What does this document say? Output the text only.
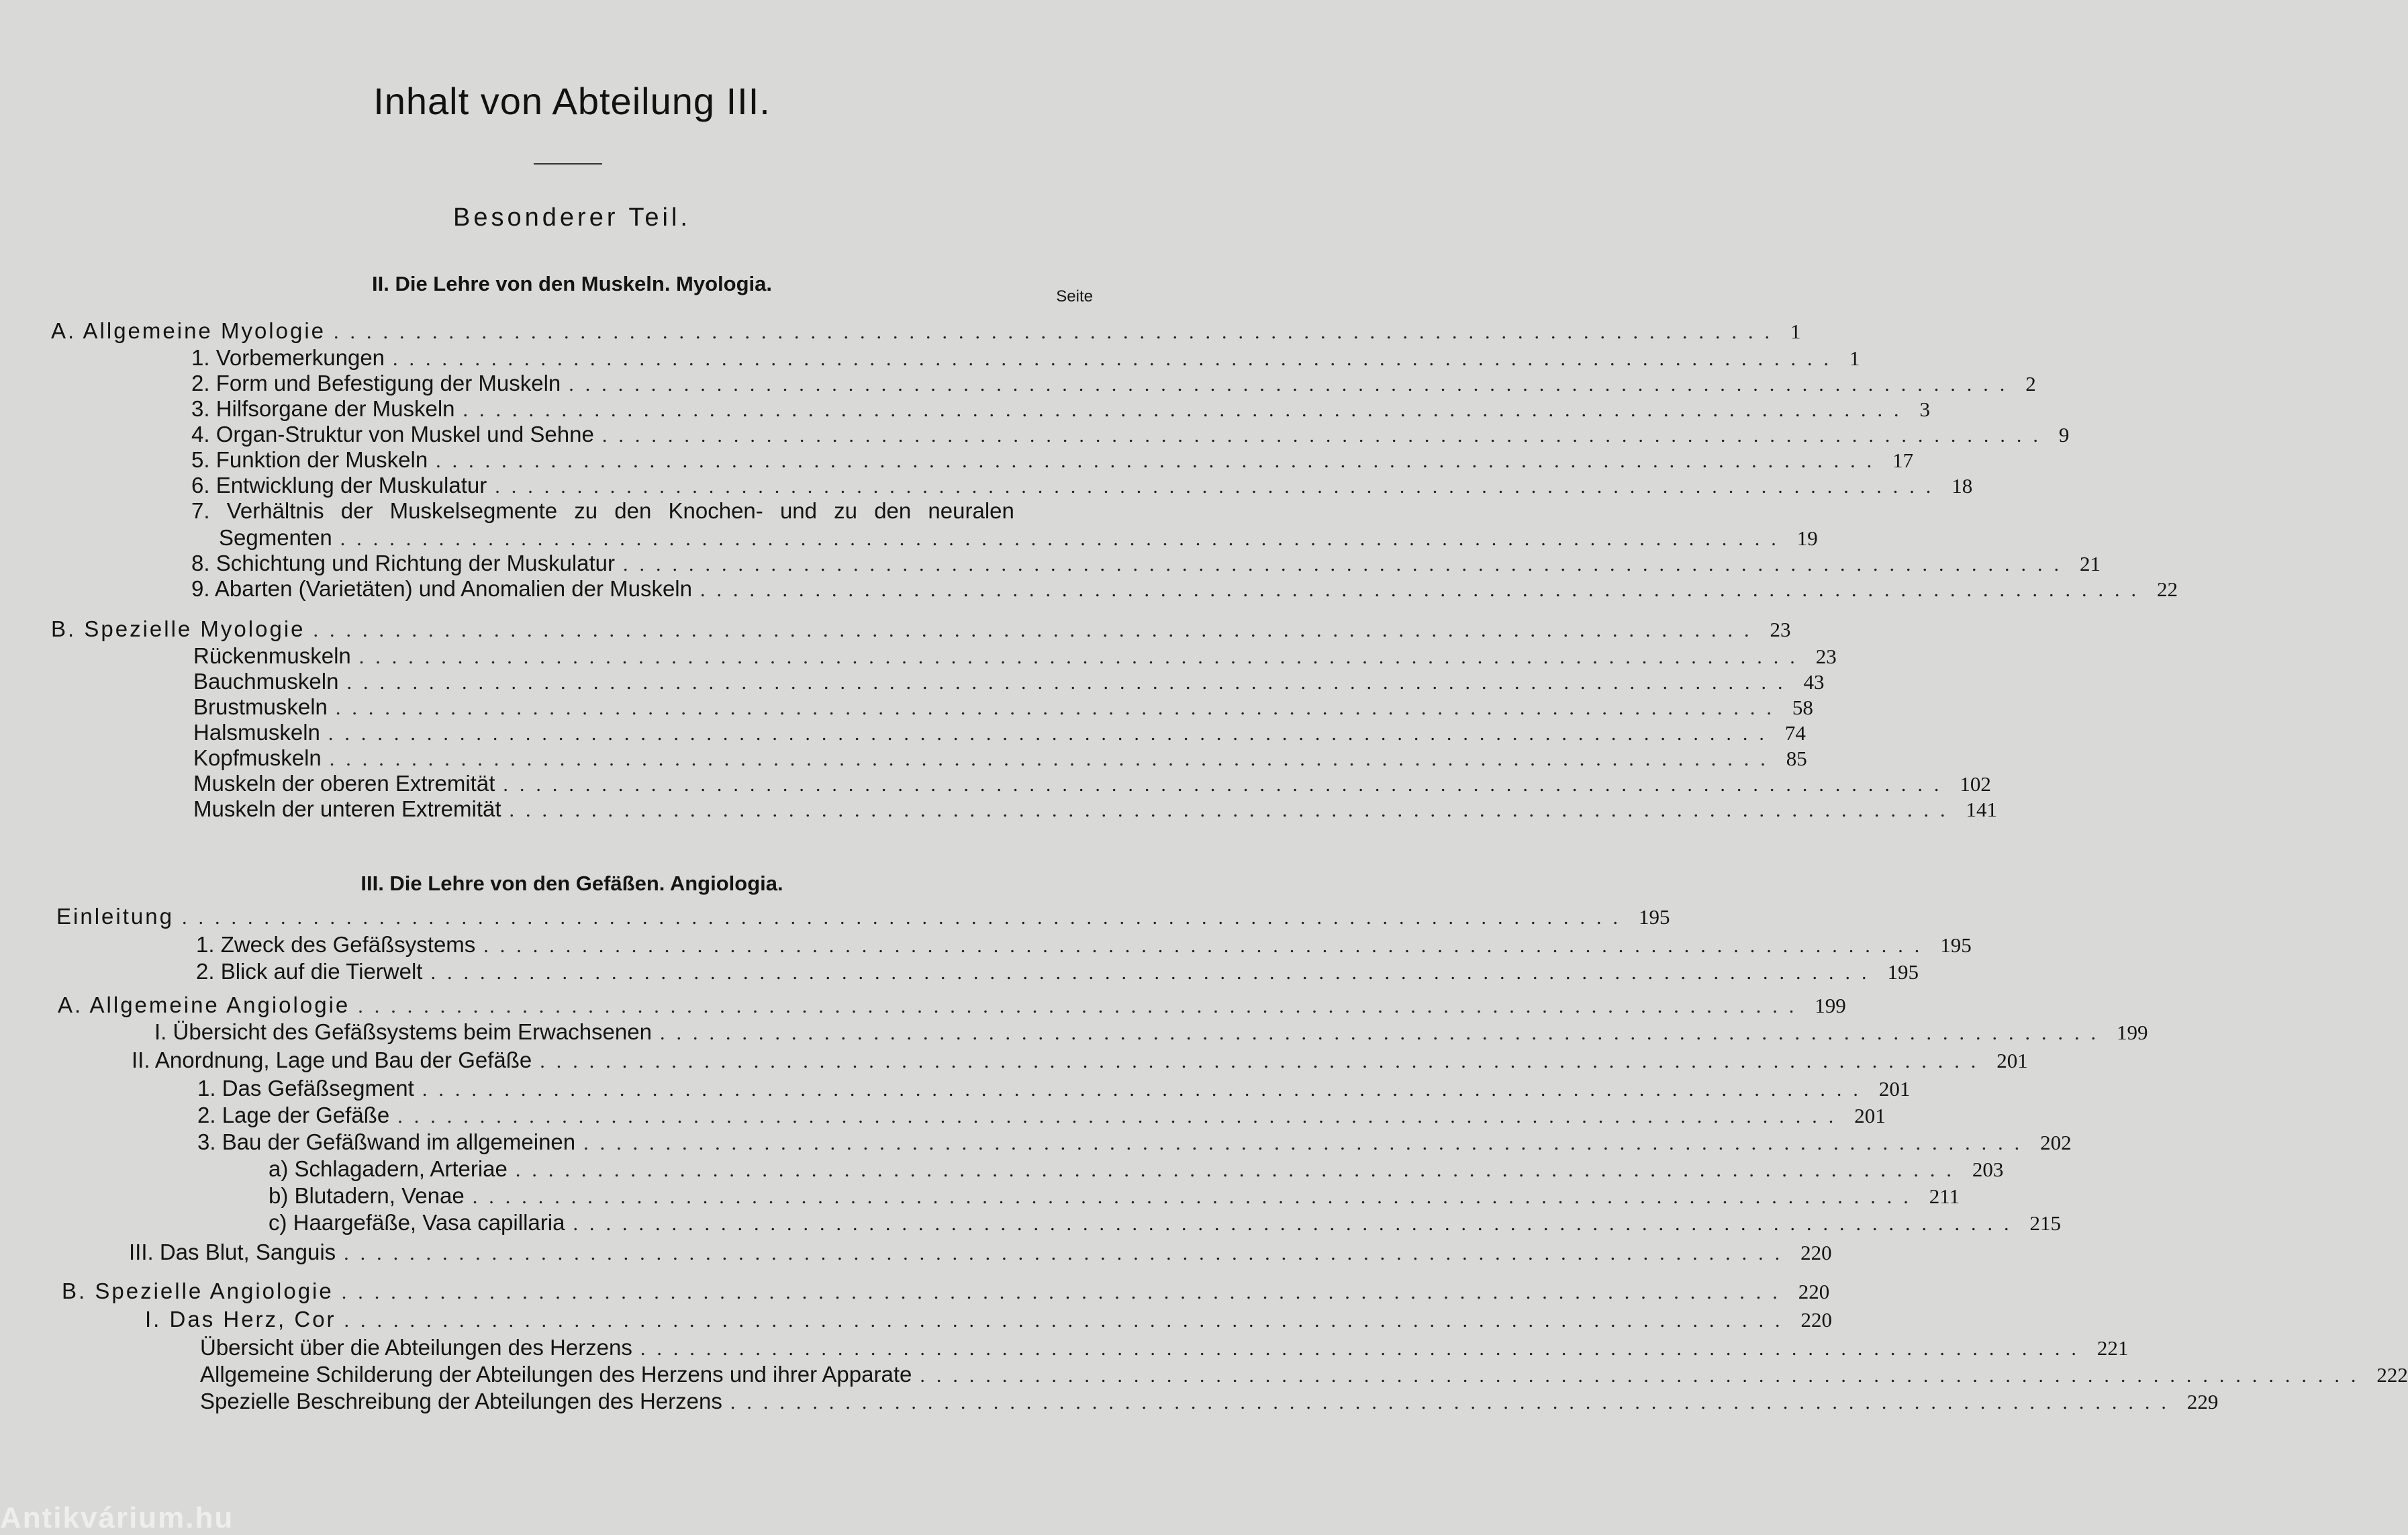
Inhalt von Abteilung III.
Besonderer Teil.
II. Die Lehre von den Muskeln. Myologia.
Seite
A. Allgemeine Myologie ........................................................................................ 1
1. Vorbemerkungen ........................................................................................ 1
2. Form und Befestigung der Muskeln ........................................................................................ 2
3. Hilfsorgane der Muskeln ........................................................................................ 3
4. Organ-Struktur von Muskel und Sehne ........................................................................................ 9
5. Funktion der Muskeln ........................................................................................ 17
6. Entwicklung der Muskulatur ........................................................................................ 18
7. Verhältnis der Muskelsegmente zu den Knochen- und zu den neuralen
Segmenten ........................................................................................ 19
8. Schichtung und Richtung der Muskulatur ........................................................................................ 21
9. Abarten (Varietäten) und Anomalien der Muskeln ........................................................................................ 22
B. Spezielle Myologie ........................................................................................ 23
Rückenmuskeln ........................................................................................ 23
Bauchmuskeln ........................................................................................ 43
Brustmuskeln ........................................................................................ 58
Halsmuskeln ........................................................................................ 74
Kopfmuskeln ........................................................................................ 85
Muskeln der oberen Extremität ........................................................................................ 102
Muskeln der unteren Extremität ........................................................................................ 141
III. Die Lehre von den Gefäßen. Angiologia.
Einleitung ........................................................................................ 195
1. Zweck des Gefäßsystems ........................................................................................ 195
2. Blick auf die Tierwelt ........................................................................................ 195
A. Allgemeine Angiologie ........................................................................................ 199
I. Übersicht des Gefäßsystems beim Erwachsenen ........................................................................................ 199
II. Anordnung, Lage und Bau der Gefäße ........................................................................................ 201
1. Das Gefäßsegment ........................................................................................ 201
2. Lage der Gefäße ........................................................................................ 201
3. Bau der Gefäßwand im allgemeinen ........................................................................................ 202
a) Schlagadern, Arteriae ........................................................................................ 203
b) Blutadern, Venae ........................................................................................ 211
c) Haargefäße, Vasa capillaria ........................................................................................ 215
III. Das Blut, Sanguis ........................................................................................ 220
B. Spezielle Angiologie ........................................................................................ 220
I. Das Herz, Cor ........................................................................................ 220
Übersicht über die Abteilungen des Herzens ........................................................................................ 221
Allgemeine Schilderung der Abteilungen des Herzens und ihrer Apparate ........................................................................................ 222
Spezielle Beschreibung der Abteilungen des Herzens ........................................................................................ 229
Antikvárium.hu
